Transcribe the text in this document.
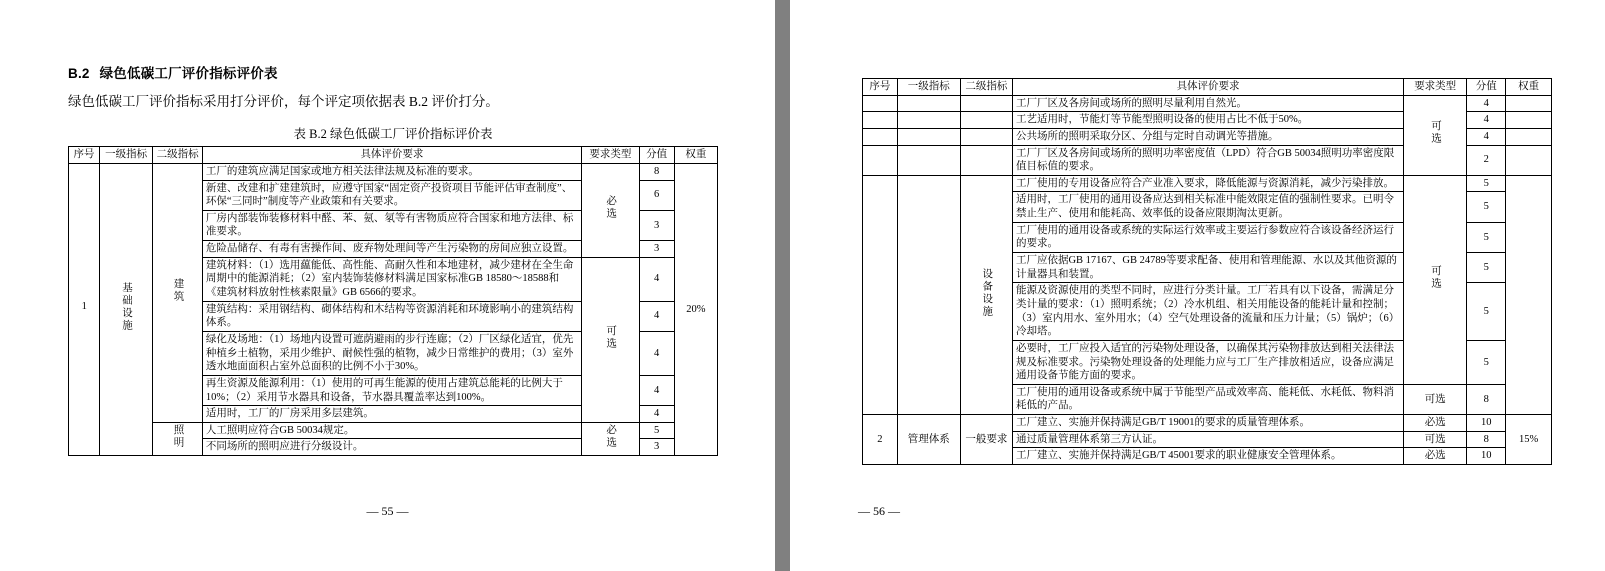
B.2 绿色低碳工厂评价指标评价表

绿色低碳工厂评价指标采用打分评价，每个评定项依据表 B.2 评价打分。

表 B.2 绿色低碳工厂评价指标评价表

序号	一级指标	二级指标	具体评价要求	要求类型	分值	权重
1	基础设施	建筑	工厂的建筑应满足国家或地方相关法律法规及标准的要求。	必选	8	20%
			新建、改建和扩建建筑时，应遵守国家“固定资产投资项目节能评估审查制度”、环保“三同时”制度等产业政策和有关要求。		6	
			厂房内部装饰装修材料中醛、苯、氨、氡等有害物质应符合国家和地方法律、标准要求。		3	
			危险品储存、有毒有害操作间、废弃物处理间等产生污染物的房间应独立设置。		3	
			建筑材料：（1）选用藴能低、高性能、高耐久性和本地建材，减少建材在全生命周期中的能源消耗；（2）室内装饰装修材料满足国家标准GB 18580～18588和《建筑材料放射性核素限量》GB 6566的要求。	可选	4	
			建筑结构：采用钢结构、砌体结构和木结构等资源消耗和环境影响小的建筑结构体系。		4	
			绿化及场地：（1）场地内设置可遮荫避雨的步行连廊；（2）厂区绿化适宜，优先种植乡土植物，采用少维护、耐候性强的植物，减少日常维护的费用；（3）室外透水地面面积占室外总面积的比例不小于30%。		4	
			再生资源及能源利用：（1）使用的可再生能源的使用占建筑总能耗的比例大于10%；（2）采用节水器具和设备，节水器具覆盖率达到100%。		4	
			适用时，工厂的厂房采用多层建筑。		4	
		照明	人工照明应符合GB 50034规定。	必选	5	
			不同场所的照明应进行分级设计。		3	
— 55 —
序号	一级指标	二级指标	具体评价要求	要求类型	分值	权重
			工厂厂区及各房间或场所的照明尽量利用自然光。	可选	4	
			工艺适用时，节能灯等节能型照明设备的使用占比不低于50%。		4	
			公共场所的照明采取分区、分组与定时自动调光等措施。		4	
			工厂厂区及各房间或场所的照明功率密度值（LPD）符合GB 50034照明功率密度限值目标值的要求。		2	
		设备设施	工厂使用的专用设备应符合产业准入要求，降低能源与资源消耗，减少污染排放。	可选	5	
			适用时，工厂使用的通用设备应达到相关标准中能效限定值的强制性要求。已明令禁止生产、使用和能耗高、效率低的设备应限期淘汰更新。		5	
			工厂使用的通用设备或系统的实际运行效率或主要运行参数应符合该设备经济运行的要求。		5	
			工厂应依据GB 17167、GB 24789等要求配备、使用和管理能源、水以及其他资源的计量器具和装置。		5	
			能源及资源使用的类型不同时，应进行分类计量。工厂若具有以下设备，需满足分类计量的要求：（1）照明系统；（2）冷水机组、相关用能设备的能耗计量和控制；（3）室内用水、室外用水；（4）空气处理设备的流量和压力计量；（5）锅炉；（6）冷却塔。		5	
			必要时，工厂应投入适宜的污染物处理设备，以确保其污染物排放达到相关法律法规及标准要求。污染物处理设备的处理能力应与工厂生产排放相适应，设备应满足通用设备节能方面的要求。		5	
			工厂使用的通用设备或系统中属于节能型产品或效率高、能耗低、水耗低、物料消耗低的产品。	可选	8	
2	管理体系	一般要求	工厂建立、实施并保持满足GB/T 19001的要求的质量管理体系。	必选	10	15%
			通过质量管理体系第三方认证。	可选	8	
			工厂建立、实施并保持满足GB/T 45001要求的职业健康安全管理体系。	必选	10	
— 56 —
